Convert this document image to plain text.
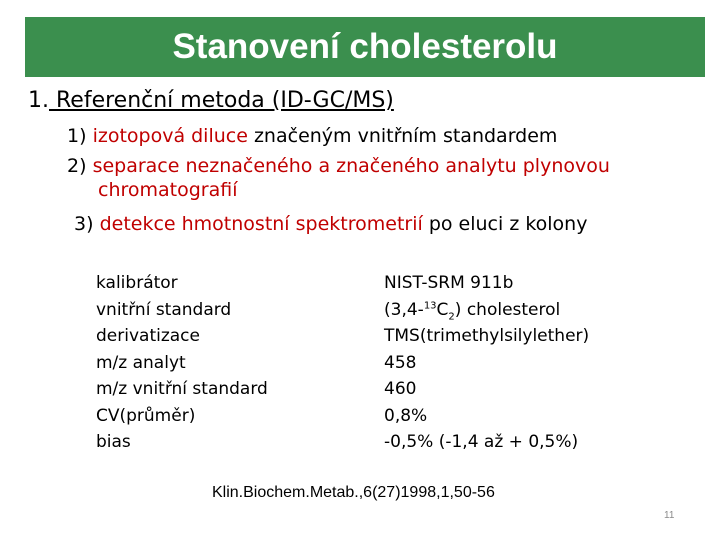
Stanovení cholesterolu
1. Referenční metoda (ID-GC/MS)
1) izotopová diluce značeným vnitřním standardem
2) separace neznačeného a značeného analytu plynovou
chromatografií
3) detekce hmotnostní spektrometrií po eluci z kolony
kalibrátor
vnitřní standard
derivatizace
m/z analyt
m/z vnitřní standard
CV(průměr)
bias
NIST-SRM 911b
$(3,4-^{13}C_2)$ cholesterol
TMS(trimethylsilylether)
458
460
0,8%
-0,5% (-1,4 až + 0,5%)
Klin.Biochem.Metab.,6(27)1998,1,50-56
11
